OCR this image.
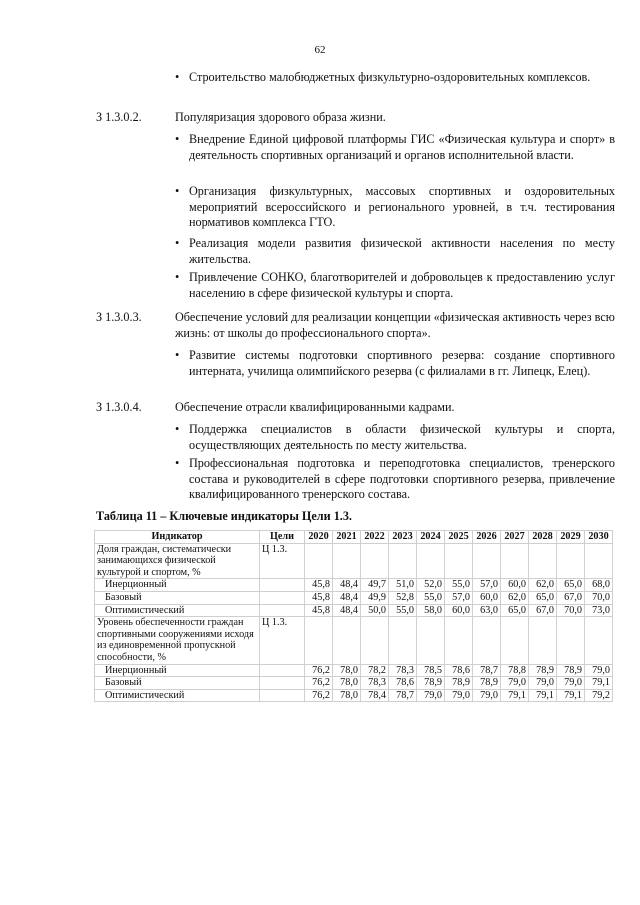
62
• Строительство малобюджетных физкультурно-оздоровительных комплексов.
З 1.3.0.2.	Популяризация здорового образа жизни.
• Внедрение Единой цифровой платформы ГИС «Физическая культура и спорт» в деятельность спортивных организаций и органов исполнительной власти.
• Организация физкультурных, массовых спортивных и оздоровительных мероприятий всероссийского и регионального уровней, в т.ч. тестирования нормативов комплекса ГТО.
• Реализация модели развития физической активности населения по месту жительства.
• Привлечение СОНКО, благотворителей и добровольцев к предоставлению услуг населению в сфере физической культуры и спорта.
З 1.3.0.3.	Обеспечение условий для реализации концепции «физическая активность через всю жизнь: от школы до профессионального спорта».
• Развитие системы подготовки спортивного резерва: создание спортивного интерната, училища олимпийского резерва (с филиалами в гг. Липецк, Елец).
З 1.3.0.4.	Обеспечение отрасли квалифицированными кадрами.
• Поддержка специалистов в области физической культуры и спорта, осуществляющих деятельность по месту жительства.
• Профессиональная подготовка и переподготовка специалистов, тренерского состава и руководителей в сфере подготовки спортивного резерва, привлечение квалифицированного тренерского состава.
Таблица 11 – Ключевые индикаторы Цели 1.3.
Индикатор	Цели	2020	2021	2022	2023	2024	2025	2026	2027	2028	2029	2030
Доля граждан, систематически занимающихся физической культурой и спортом, %	Ц 1.3.											
Инерционный		45,8	48,4	49,7	51,0	52,0	55,0	57,0	60,0	62,0	65,0	68,0
Базовый		45,8	48,4	49,9	52,8	55,0	57,0	60,0	62,0	65,0	67,0	70,0
Оптимистический		45,8	48,4	50,0	55,0	58,0	60,0	63,0	65,0	67,0	70,0	73,0
Уровень обеспеченности граждан спортивными сооружениями исходя из единовременной пропускной способности, %	Ц 1.3.											
Инерционный		76,2	78,0	78,2	78,3	78,5	78,6	78,7	78,8	78,9	78,9	79,0
Базовый		76,2	78,0	78,3	78,6	78,9	78,9	78,9	79,0	79,0	79,0	79,1
Оптимистический		76,2	78,0	78,4	78,7	79,0	79,0	79,0	79,1	79,1	79,1	79,2
